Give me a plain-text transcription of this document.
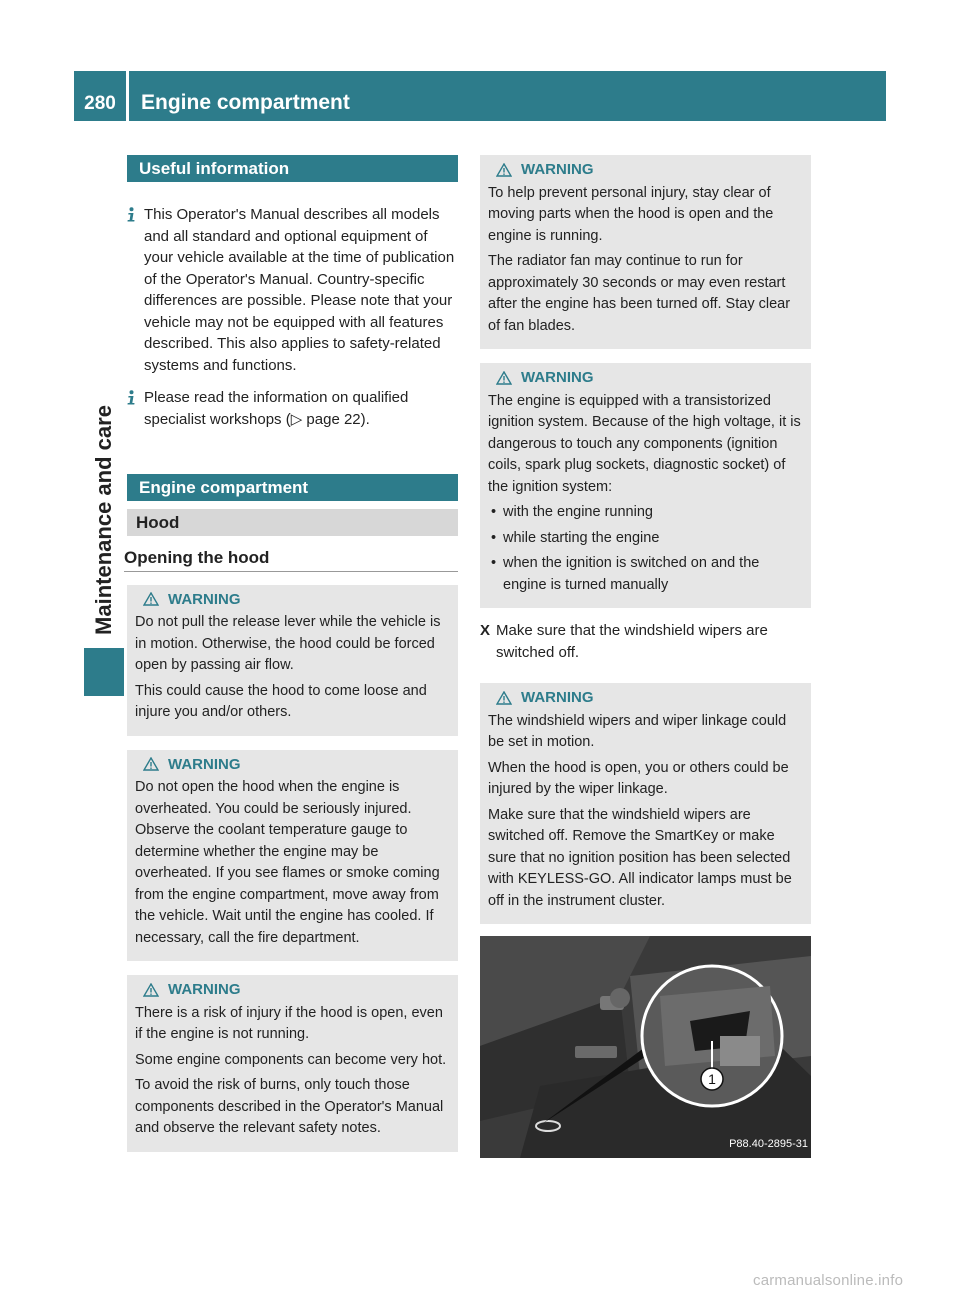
280	Engine compartment
Maintenance and care
Useful information

This Operator's Manual describes all models and all standard and optional equipment of your vehicle available at the time of publication of the Operator's Manual. Country-specific differences are possible. Please note that your vehicle may not be equipped with all features described. This also applies to safety-related systems and functions.

Please read the information on qualified specialist workshops (▷ page 22).

Engine compartment
Hood
Opening the hood
WARNING

Do not pull the release lever while the vehicle is in motion. Otherwise, the hood could be forced open by passing air flow.

This could cause the hood to come loose and injure you and/or others.

WARNING

Do not open the hood when the engine is overheated. You could be seriously injured. Observe the coolant temperature gauge to determine whether the engine may be overheated. If you see flames or smoke coming from the engine compartment, move away from the vehicle. Wait until the engine has cooled. If necessary, call the fire department.

WARNING

There is a risk of injury if the hood is open, even if the engine is not running.

Some engine components can become very hot.

To avoid the risk of burns, only touch those components described in the Operator's Manual and observe the relevant safety notes.

WARNING

To help prevent personal injury, stay clear of moving parts when the hood is open and the engine is running.

The radiator fan may continue to run for approximately 30 seconds or may even restart after the engine has been turned off. Stay clear of fan blades.

WARNING

The engine is equipped with a transistorized ignition system. Because of the high voltage, it is dangerous to touch any components (ignition coils, spark plug sockets, diagnostic socket) of the ignition system:

• with the engine running
• while starting the engine
• when the ignition is switched on and the engine is turned manually
X Make sure that the windshield wipers are switched off.
WARNING

The windshield wipers and wiper linkage could be set in motion.

When the hood is open, you or others could be injured by the wiper linkage.

Make sure that the windshield wipers are switched off. Remove the SmartKey or make sure that no ignition position has been selected with KEYLESS-GO. All indicator lamps must be off in the instrument cluster.

1
P88.40-2895-31
carmanualsonline.info
